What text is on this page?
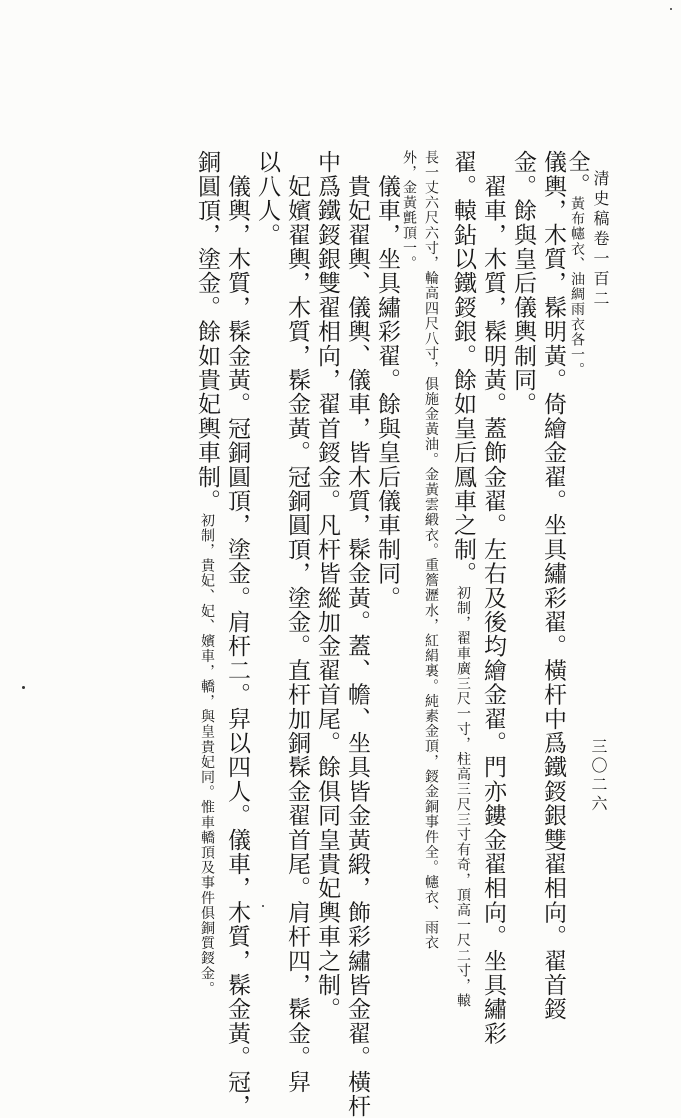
清史稿卷一百二
三〇二六
全。黃布幰衣、油綢雨衣各一。
儀輿，木質，髹明黃。倚繪金翟。坐具繡彩翟。橫杆中爲鐵鋄銀雙翟相向。翟首鋄
金。餘與皇后儀輿制同。
　翟車，木質，髹明黃。蓋飾金翟。左右及後均繪金翟。門亦鏤金翟相向。坐具繡彩
翟。轅鉆以鐵鋄銀。餘如皇后鳳車之制。初制，翟車廣三尺一寸，柱高三尺三寸有奇，頂高一尺二寸，轅
長一丈六尺六寸，輪高四尺八寸，俱施金黃油。金黃雲緞衣。重簷瀝水，紅絹裏。純素金頂，鋄金銅事件全。幰衣、雨衣
外，金黃氈頂一。
　儀車，坐具繡彩翟。餘與皇后儀車制同。
　貴妃翟輿、儀輿、儀車，皆木質，髹金黃。蓋、幨、坐具皆金黃緞，飾彩繡皆金翟。橫杆
中爲鐵鋄銀雙翟相向，翟首鋄金。凡杆皆縱加金翟首尾。餘俱同皇貴妃輿車之制。
　妃嬪翟輿，木質，髹金黃。冠銅圓頂，塗金。直杆加銅髹金翟首尾。肩杆四，髹金。舁
以八人。
　儀輿，木質，髹金黃。冠銅圓頂，塗金。肩杆二。舁以四人。儀車，木質，髹金黃。冠，
銅圓頂，塗金。餘如貴妃輿車制。初制，貴妃、妃、嬪車，轎，與皇貴妃同。惟車轎頂及事件俱銅質鋄金。
